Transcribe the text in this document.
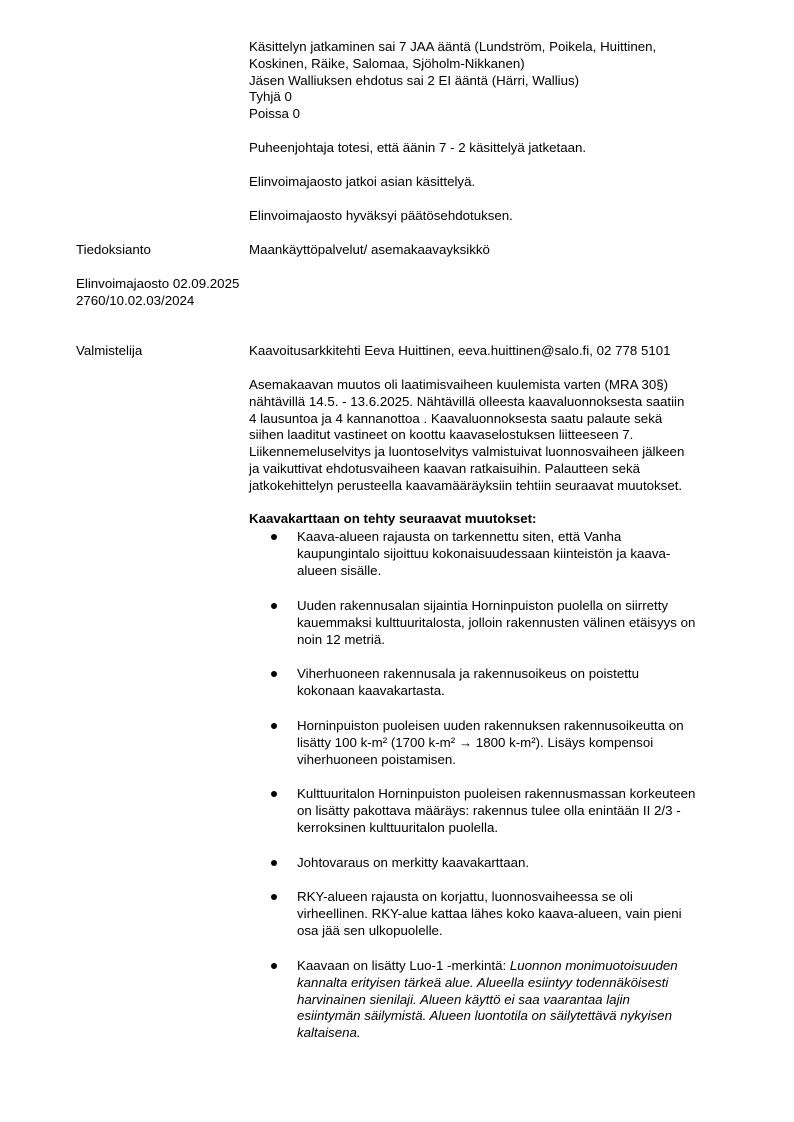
Käsittelyn jatkaminen sai 7 JAA ääntä (Lundström, Poikela, Huittinen,
Koskinen, Räike, Salomaa, Sjöholm-Nikkanen)
Jäsen Walliuksen ehdotus sai 2 EI ääntä (Härri, Wallius)
Tyhjä 0
Poissa 0
Puheenjohtaja totesi, että äänin 7 - 2 käsittelyä jatketaan.
Elinvoimajaosto jatkoi asian käsittelyä.
Elinvoimajaosto hyväksyi päätösehdotuksen.
Tiedoksianto	Maankäyttöpalvelut/ asemakaavayksikkö
Elinvoimajaosto 02.09.2025
2760/10.02.03/2024
Valmistelija	Kaavoitusarkkitehti Eeva Huittinen, eeva.huittinen@salo.fi, 02 778 5101
Asemakaavan muutos oli laatimisvaiheen kuulemista varten (MRA 30§)
nähtävillä 14.5. - 13.6.2025. Nähtävillä olleesta kaavaluonnoksesta saatiin
4 lausuntoa ja 4 kannanottoa . Kaavaluonnoksesta saatu palaute sekä
siihen laaditut vastineet on koottu kaavaselostuksen liitteeseen 7.
Liikennemeluselvitys ja luontoselvitys valmistuivat luonnosvaiheen jälkeen
ja vaikuttivat ehdotusvaiheen kaavan ratkaisuihin. Palautteen sekä
jatkokehittelyn perusteella kaavamääräyksiin tehtiin seuraavat muutokset.
Kaavakarttaan on tehty seuraavat muutokset:
Kaava-alueen rajausta on tarkennettu siten, että Vanha
kaupungintalo sijoittuu kokonaisuudessaan kiinteistön ja kaava-
alueen sisälle.
Uuden rakennusalan sijaintia Horninpuiston puolella on siirretty
kauemmaksi kulttuuritalosta, jolloin rakennusten välinen etäisyys on
noin 12 metriä.
Viherhuoneen rakennusala ja rakennusoikeus on poistettu
kokonaan kaavakartasta.
Horninpuiston puoleisen uuden rakennuksen rakennusoikeutta on
lisätty 100 k-m² (1700 k-m² → 1800 k-m²). Lisäys kompensoi
viherhuoneen poistamisen.
Kulttuuritalon Horninpuiston puoleisen rakennusmassan korkeuteen
on lisätty pakottava määräys: rakennus tulee olla enintään II 2/3 -
kerroksinen kulttuuritalon puolella.
Johtovaraus on merkitty kaavakarttaan.
RKY-alueen rajausta on korjattu, luonnosvaiheessa se oli
virheellinen. RKY-alue kattaa lähes koko kaava-alueen, vain pieni
osa jää sen ulkopuolelle.
Kaavaan on lisätty Luo-1 -merkintä: Luonnon monimuotoisuuden
kannalta erityisen tärkeä alue. Alueella esiintyy todennäköisesti
harvinainen sienilaji. Alueen käyttö ei saa vaarantaa lajin
esiintymän säilymistä. Alueen luontotila on säilytettävä nykyisen
kaltaisena.
